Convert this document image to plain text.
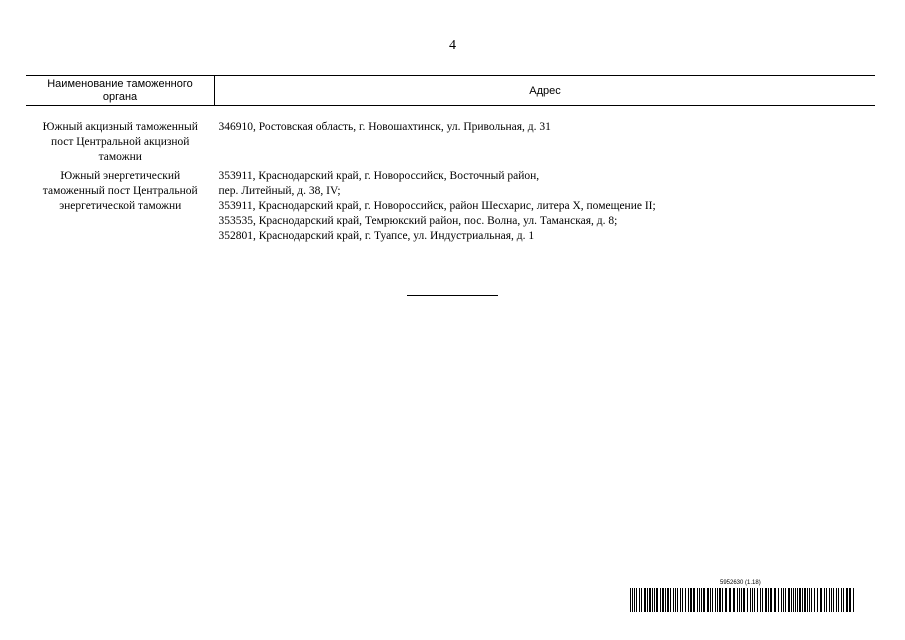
4
Наименование таможенного органа	Адрес

Южный акцизный таможенный пост Центральной акцизной таможни	346910, Ростовская область, г. Новошахтинск, ул. Привольная, д. 31

Южный энергетический таможенный пост Центральной энергетической таможни	353911, Краснодарский край, г. Новороссийск, Восточный район,
пер. Литейный, д. 38, IV;
353911, Краснодарский край, г. Новороссийск, район Шесхарис, литера X, помещение II;
353535, Краснодарский край, Темрюкский район, пос. Волна, ул. Таманская, д. 8;
352801, Краснодарский край, г. Туапсе, ул. Индустриальная, д. 1
5952630 (1.18)
